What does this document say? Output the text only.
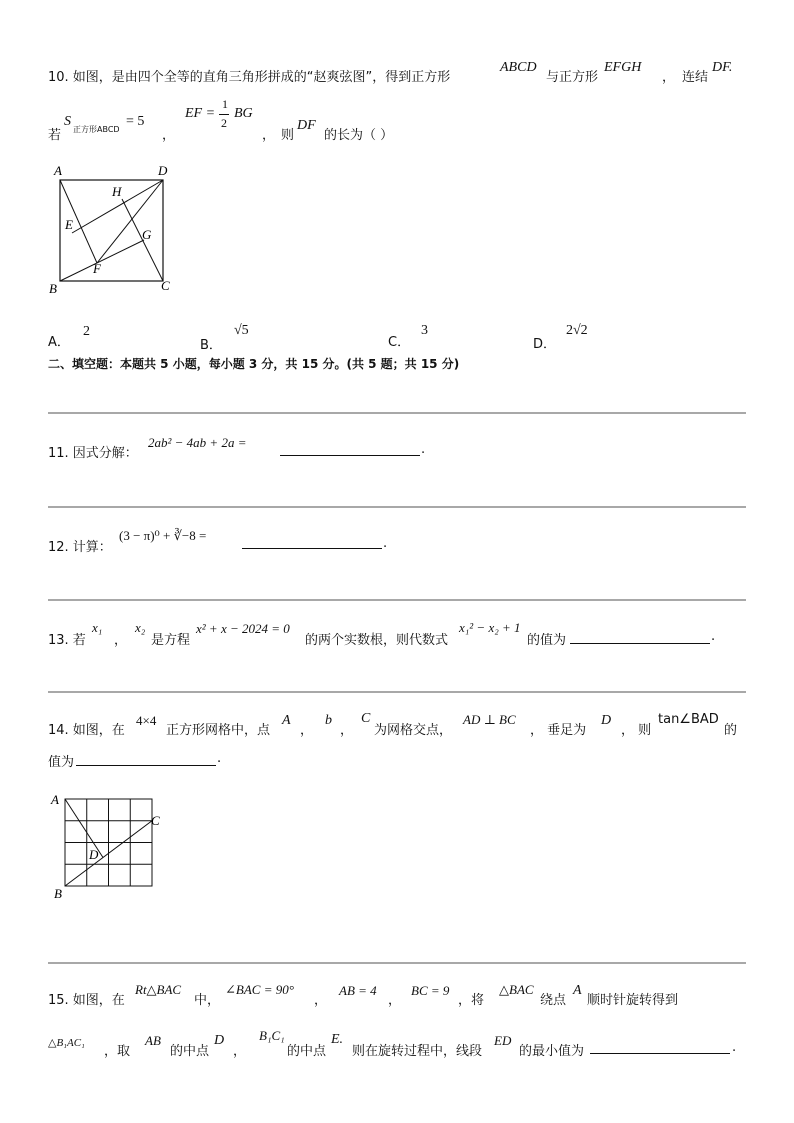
10. 如图，是由四个全等的直角三角形拼成的“赵爽弦图”，得到正方形
ABCD
与正方形
EFGH
， 连结
DF.
若
S
正方形ABCD
= 5
，
EF =
1
2
BG
， 则
DF
的长为（ ）
A	D
H
E
G
F
B	C
A．
2
B．
√5
C．
3
D．
2√2
二、填空题：本题共 5 小题，每小题 3 分，共 15 分。(共 5 题；共 15 分)
11. 因式分解：
2ab² − 4ab + 2a =	.
12. 计算：
(3 − π)⁰ + ∛−8 =
.
13. 若
x₁
，
x₂
是方程
x² + x − 2024 = 0
的两个实数根，则代数式
x₁² − x₂ + 1
的值为	.
14. 如图，在
4×4
正方形网格中，点
A
，
b
，
C
为网格交点，
AD ⊥ BC
， 垂足为
D
， 则
tan∠BAD
的
值为	.
A
C
D
B
15. 如图，在
Rt△BAC
中，
∠BAC = 90°
，
AB = 4
，
BC = 9
，将
△BAC
绕点
A
顺时针旋转得到
△B₁AC₁
，取
AB
的中点
D
，
B₁C₁
的中点
E.
则在旋转过程中，线段
ED
的最小值为	.
